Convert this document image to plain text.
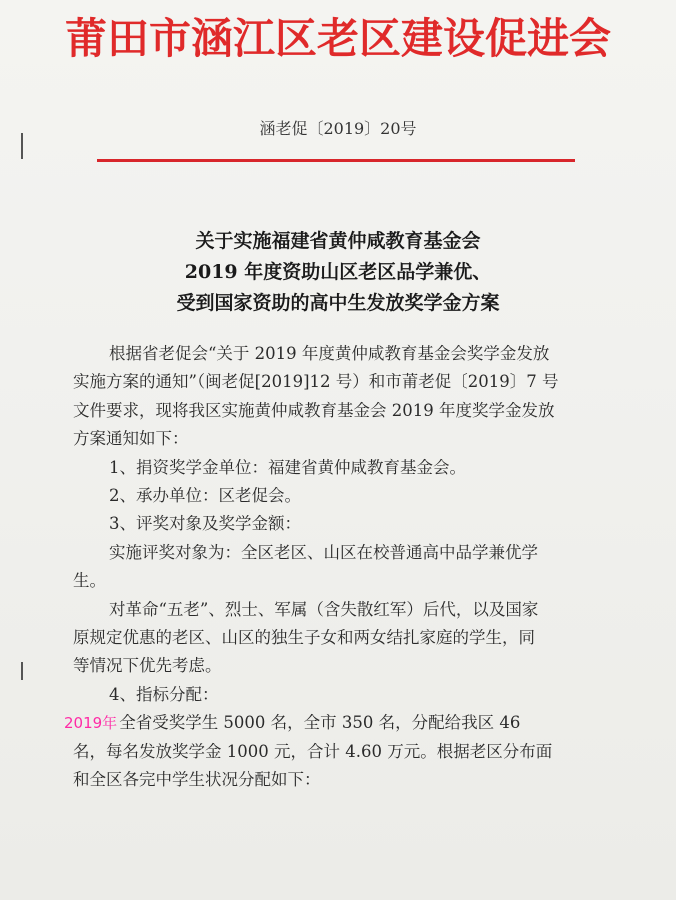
莆田市涵江区老区建设促进会
涵老促〔2019〕20号
关于实施福建省黄仲咸教育基金会
2019 年度资助山区老区品学兼优、
受到国家资助的高中生发放奖学金方案

根据省老促会“关于 2019 年度黄仲咸教育基金会奖学金发放

实施方案的通知”（闽老促[2019]12 号）和市莆老促〔2019〕7 号

文件要求，现将我区实施黄仲咸教育基金会 2019 年度奖学金发放

方案通知如下：

1、捐资奖学金单位：福建省黄仲咸教育基金会。

2、承办单位：区老促会。

3、评奖对象及奖学金额：

实施评奖对象为：全区老区、山区在校普通高中品学兼优学

生。

对革命“五老”、烈士、军属（含失散红军）后代，以及国家

原规定优惠的老区、山区的独生子女和两女结扎家庭的学生，同

等情况下优先考虑。

4、指标分配：

2019年 全省受奖学生 5000 名，全市 350 名，分配给我区 46

名，每名发放奖学金 1000 元，合计 4.60 万元。根据老区分布面

和全区各完中学生状况分配如下：
